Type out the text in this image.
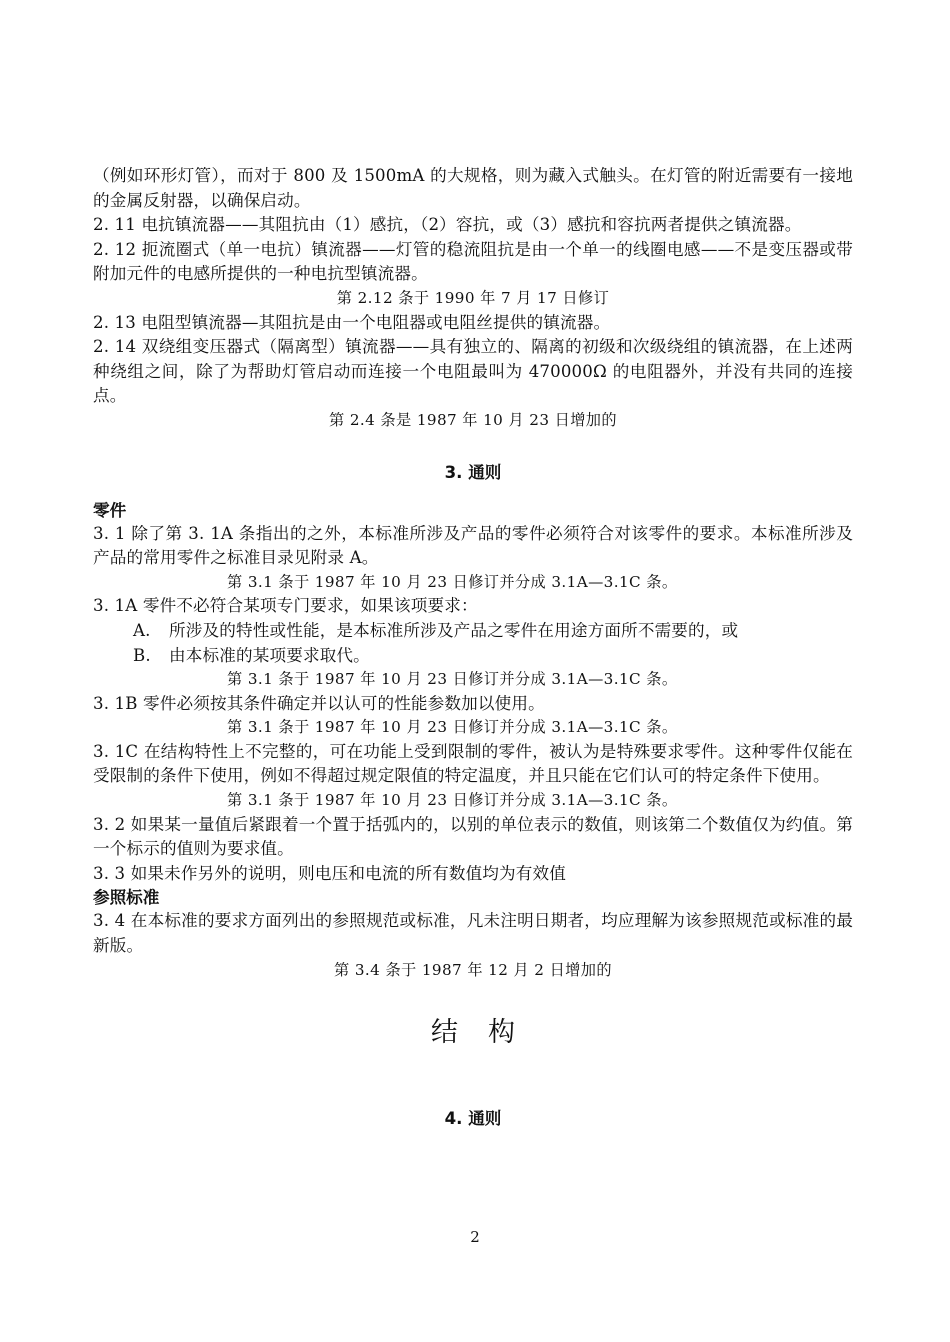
（例如环形灯管），而对于 800 及 1500mA 的大规格，则为藏入式触头。在灯管的附近需要有一接地的金属反射器，以确保启动。

2. 11 电抗镇流器——其阻抗由（1）感抗，（2）容抗，或（3）感抗和容抗两者提供之镇流器。

2. 12 扼流圈式（单一电抗）镇流器——灯管的稳流阻抗是由一个单一的线圈电感——不是变压器或带附加元件的电感所提供的一种电抗型镇流器。

第 2.12 条于 1990 年 7 月 17 日修订

2. 13 电阻型镇流器—其阻抗是由一个电阻器或电阻丝提供的镇流器。

2. 14 双绕组变压器式（隔离型）镇流器——具有独立的、隔离的初级和次级绕组的镇流器，在上述两种绕组之间，除了为帮助灯管启动而连接一个电阻最叫为 470000Ω 的电阻器外，并没有共同的连接点。

第 2.4 条是 1987 年 10 月 23 日增加的

3. 通则

零件

3. 1 除了第 3. 1A 条指出的之外，本标准所涉及产品的零件必须符合对该零件的要求。本标准所涉及产品的常用零件之标准目录见附录 A。

第 3.1 条于 1987 年 10 月 23 日修订并分成 3.1A—3.1C 条。

3. 1A 零件不必符合某项专门要求，如果该项要求：

A. 所涉及的特性或性能，是本标准所涉及产品之零件在用途方面所不需要的，或

B. 由本标准的某项要求取代。

第 3.1 条于 1987 年 10 月 23 日修订并分成 3.1A—3.1C 条。

3. 1B 零件必须按其条件确定并以认可的性能参数加以使用。

第 3.1 条于 1987 年 10 月 23 日修订并分成 3.1A—3.1C 条。

3. 1C 在结构特性上不完整的，可在功能上受到限制的零件，被认为是特殊要求零件。这种零件仅能在受限制的条件下使用，例如不得超过规定限值的特定温度，并且只能在它们认可的特定条件下使用。

第 3.1 条于 1987 年 10 月 23 日修订并分成 3.1A—3.1C 条。

3. 2 如果某一量值后紧跟着一个置于括弧内的，以别的单位表示的数值，则该第二个数值仅为约值。第一个标示的值则为要求值。

3. 3 如果未作另外的说明，则电压和电流的所有数值均为有效值

参照标准

3. 4 在本标准的要求方面列出的参照规范或标准，凡未注明日期者，均应理解为该参照规范或标准的最新版。

第 3.4 条于 1987 年 12 月 2 日增加的

结构

4. 通则

2
